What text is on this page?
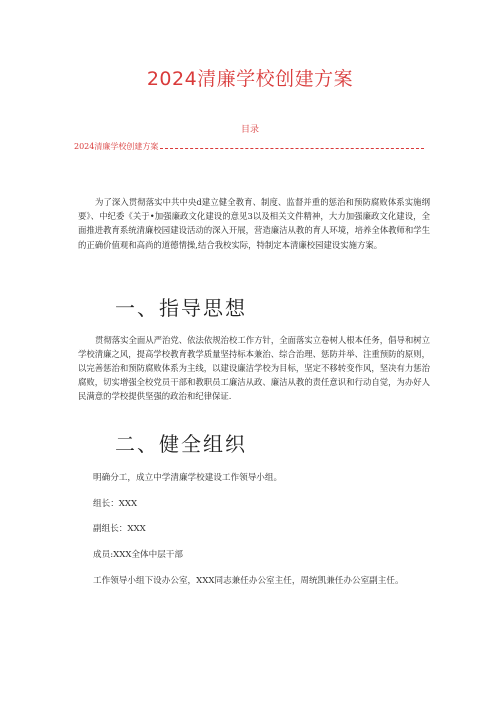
2024清廉学校创建方案
目录
2024清廉学校创建方案

为了深入贯彻落实中共中央d建立健全教育、制度、监督并重的惩治和预防腐败体系实施纲要》、中纪委《关于•加强廉政文化建设的意见3以及相关文件精神，大力加强廉政文化建设，全面推进教育系统清廉校园建设活动的深入开展，营造廉洁从教的育人环境，培养全体教师和学生的正确价值观和高尚的道德情操,结合我校实际，特制定本清廉校园建设实施方案。

一、指导思想

贯彻落实全面从严治党、依法依规治校工作方针，全面落实立卷树人根本任务，倡导和树立学校清廉之风，提高学校教育教学质量坚持标本兼治、综合治理、惩防并举、注重预防的原则，以完善惩治和预防腐败体系为主线，以建设廉洁学校为目标，坚定不移转变作风，坚决有力惩治腐败，切实增强全校党员干部和教职员工廉洁从政、廉洁从教的责任意识和行动自觉，为办好人民满意的学校提供坚强的政治和纪律保证.

二、健全组织

明确分工，成立中学清廉学校建设工作领导小组。

组长：XXX

副组长：XXX

成员:XXX全体中层干部

工作领导小组下设办公室，XXX同志兼任办公室主任，周统凯兼任办公室副主任。
